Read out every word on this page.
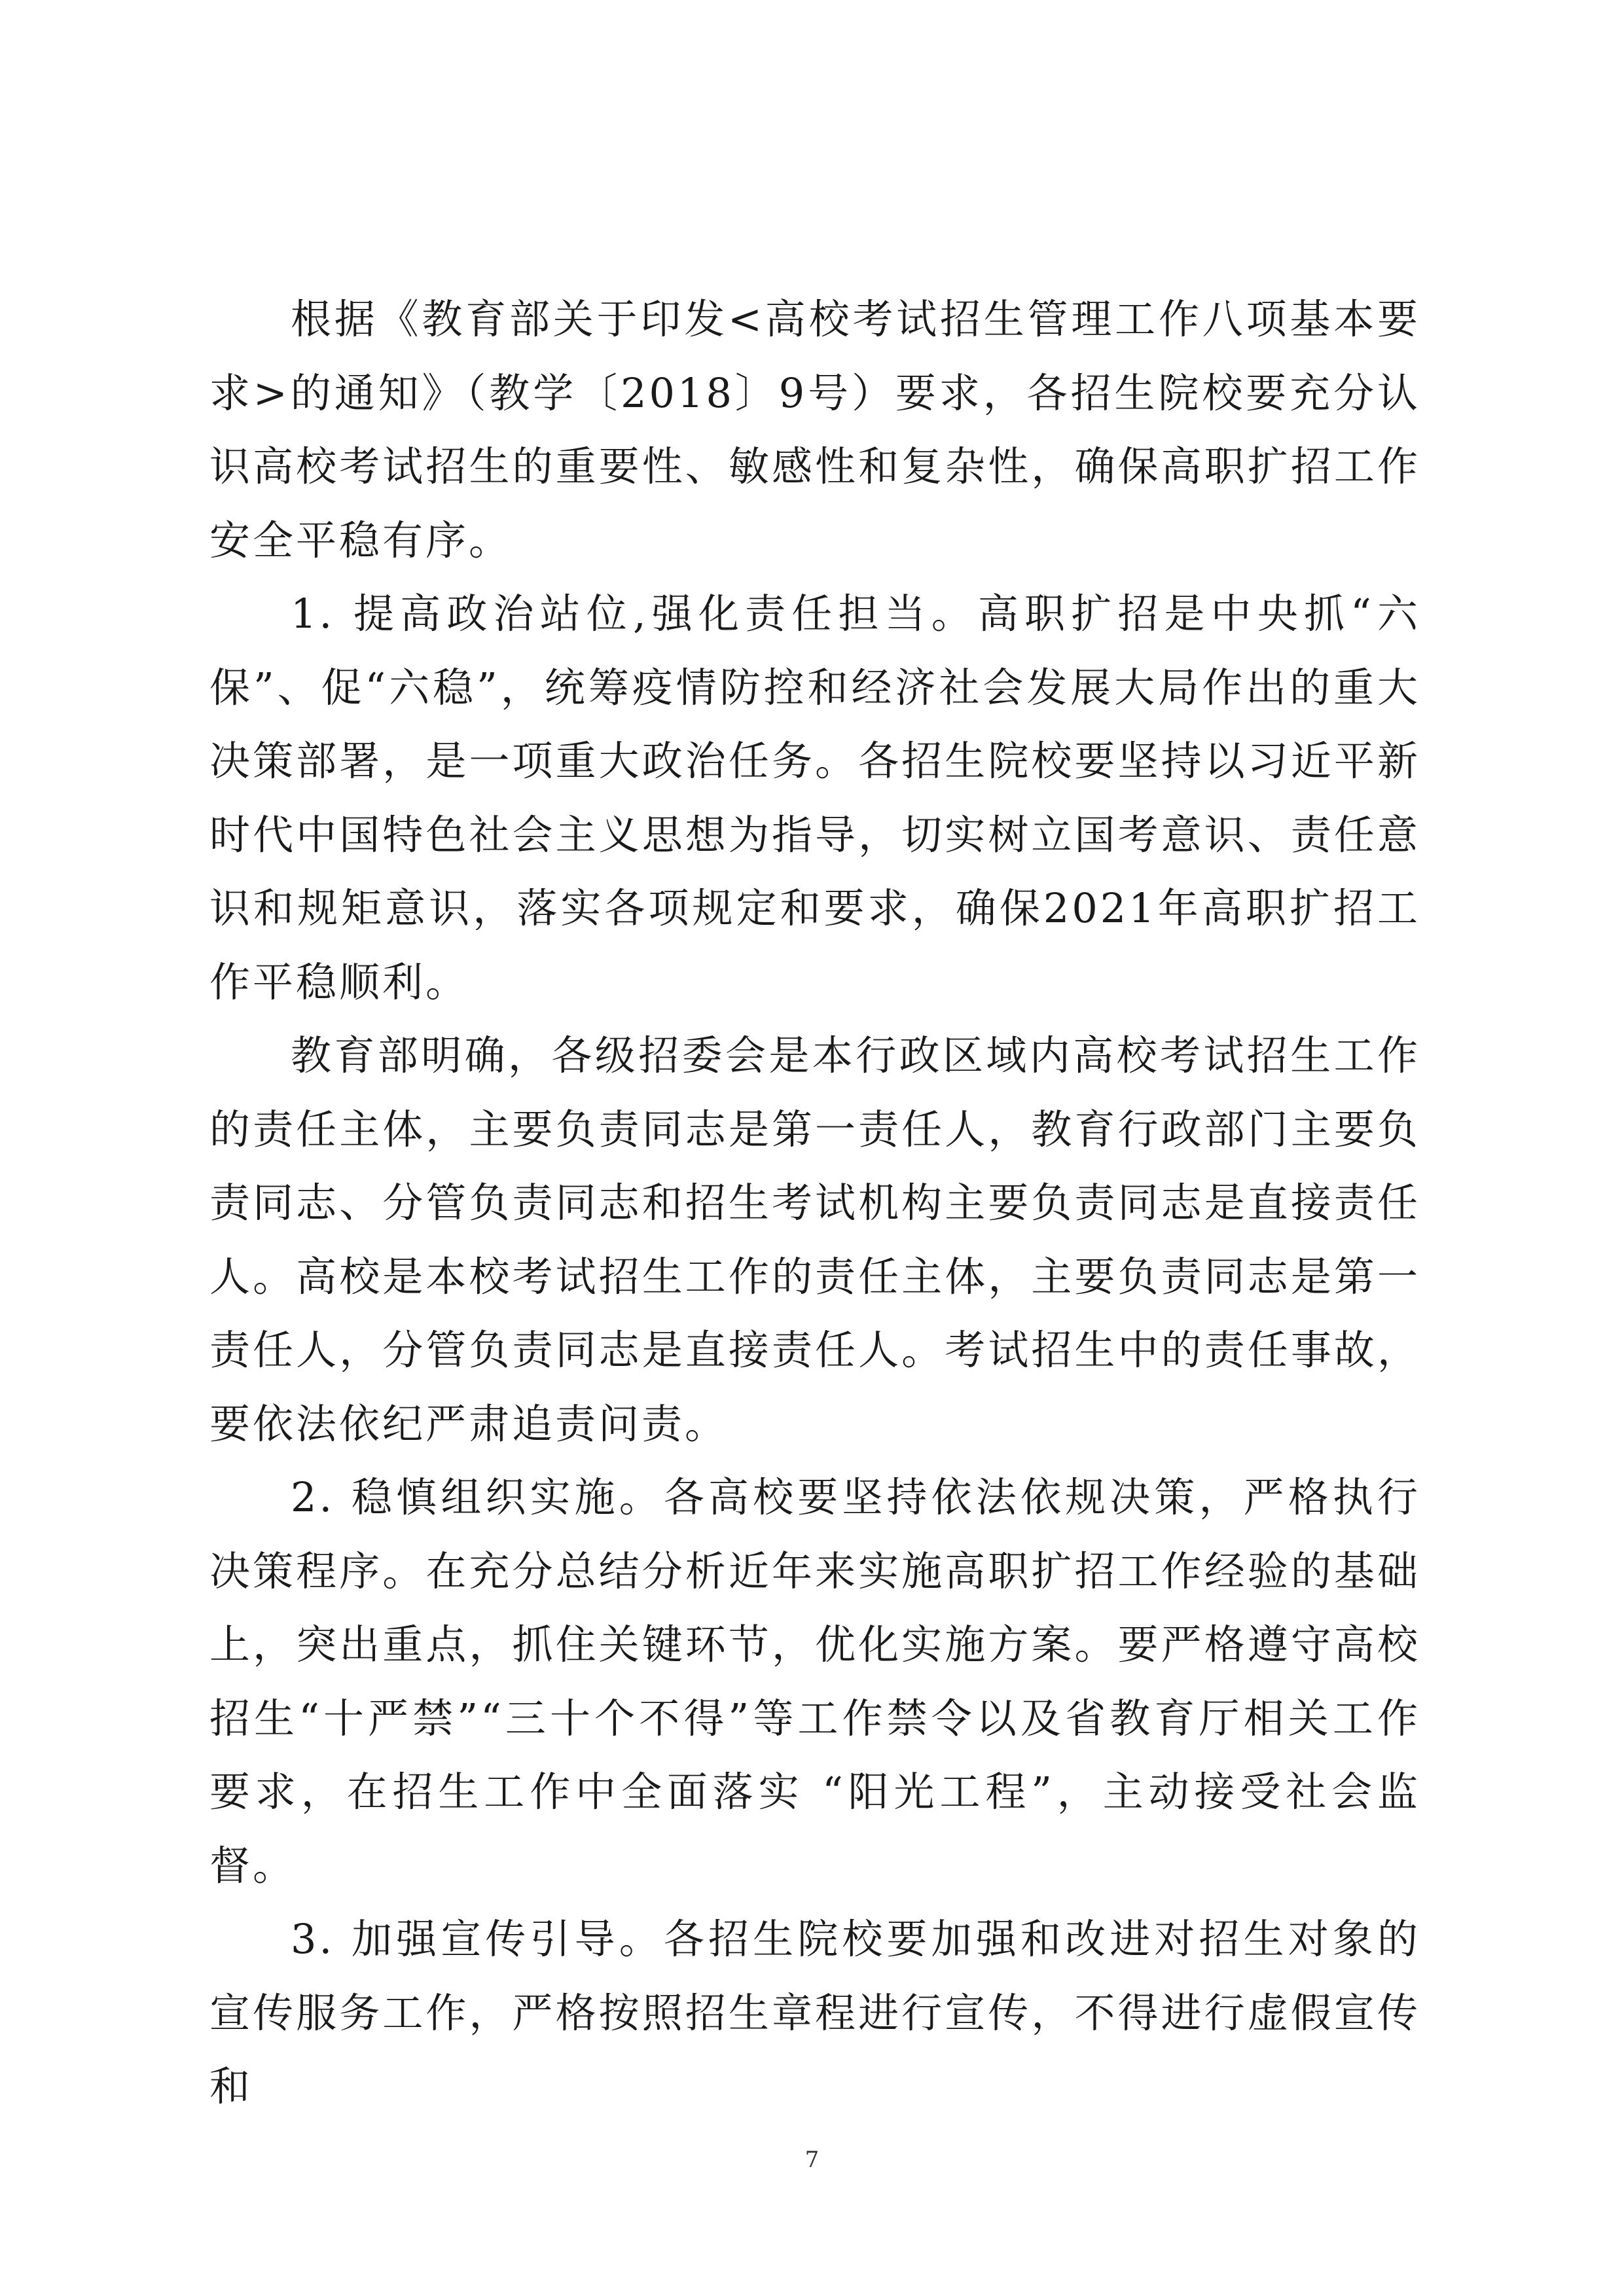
根据《教育部关于印发<高校考试招生管理工作八项基本要求>的通知》（教学〔2018〕9号）要求，各招生院校要充分认识高校考试招生的重要性、敏感性和复杂性，确保高职扩招工作安全平稳有序。

1. 提高政治站位,强化责任担当。高职扩招是中央抓“六保”、促“六稳”，统筹疫情防控和经济社会发展大局作出的重大决策部署，是一项重大政治任务。各招生院校要坚持以习近平新时代中国特色社会主义思想为指导，切实树立国考意识、责任意识和规矩意识，落实各项规定和要求，确保2021年高职扩招工作平稳顺利。

教育部明确，各级招委会是本行政区域内高校考试招生工作的责任主体，主要负责同志是第一责任人，教育行政部门主要负责同志、分管负责同志和招生考试机构主要负责同志是直接责任人。高校是本校考试招生工作的责任主体，主要负责同志是第一责任人，分管负责同志是直接责任人。考试招生中的责任事故，要依法依纪严肃追责问责。

2. 稳慎组织实施。各高校要坚持依法依规决策，严格执行决策程序。在充分总结分析近年来实施高职扩招工作经验的基础上，突出重点，抓住关键环节，优化实施方案。要严格遵守高校招生“十严禁”“三十个不得”等工作禁令以及省教育厅相关工作要求，在招生工作中全面落实 “阳光工程”，主动接受社会监督。

3. 加强宣传引导。各招生院校要加强和改进对招生对象的宣传服务工作，严格按照招生章程进行宣传，不得进行虚假宣传和

7
